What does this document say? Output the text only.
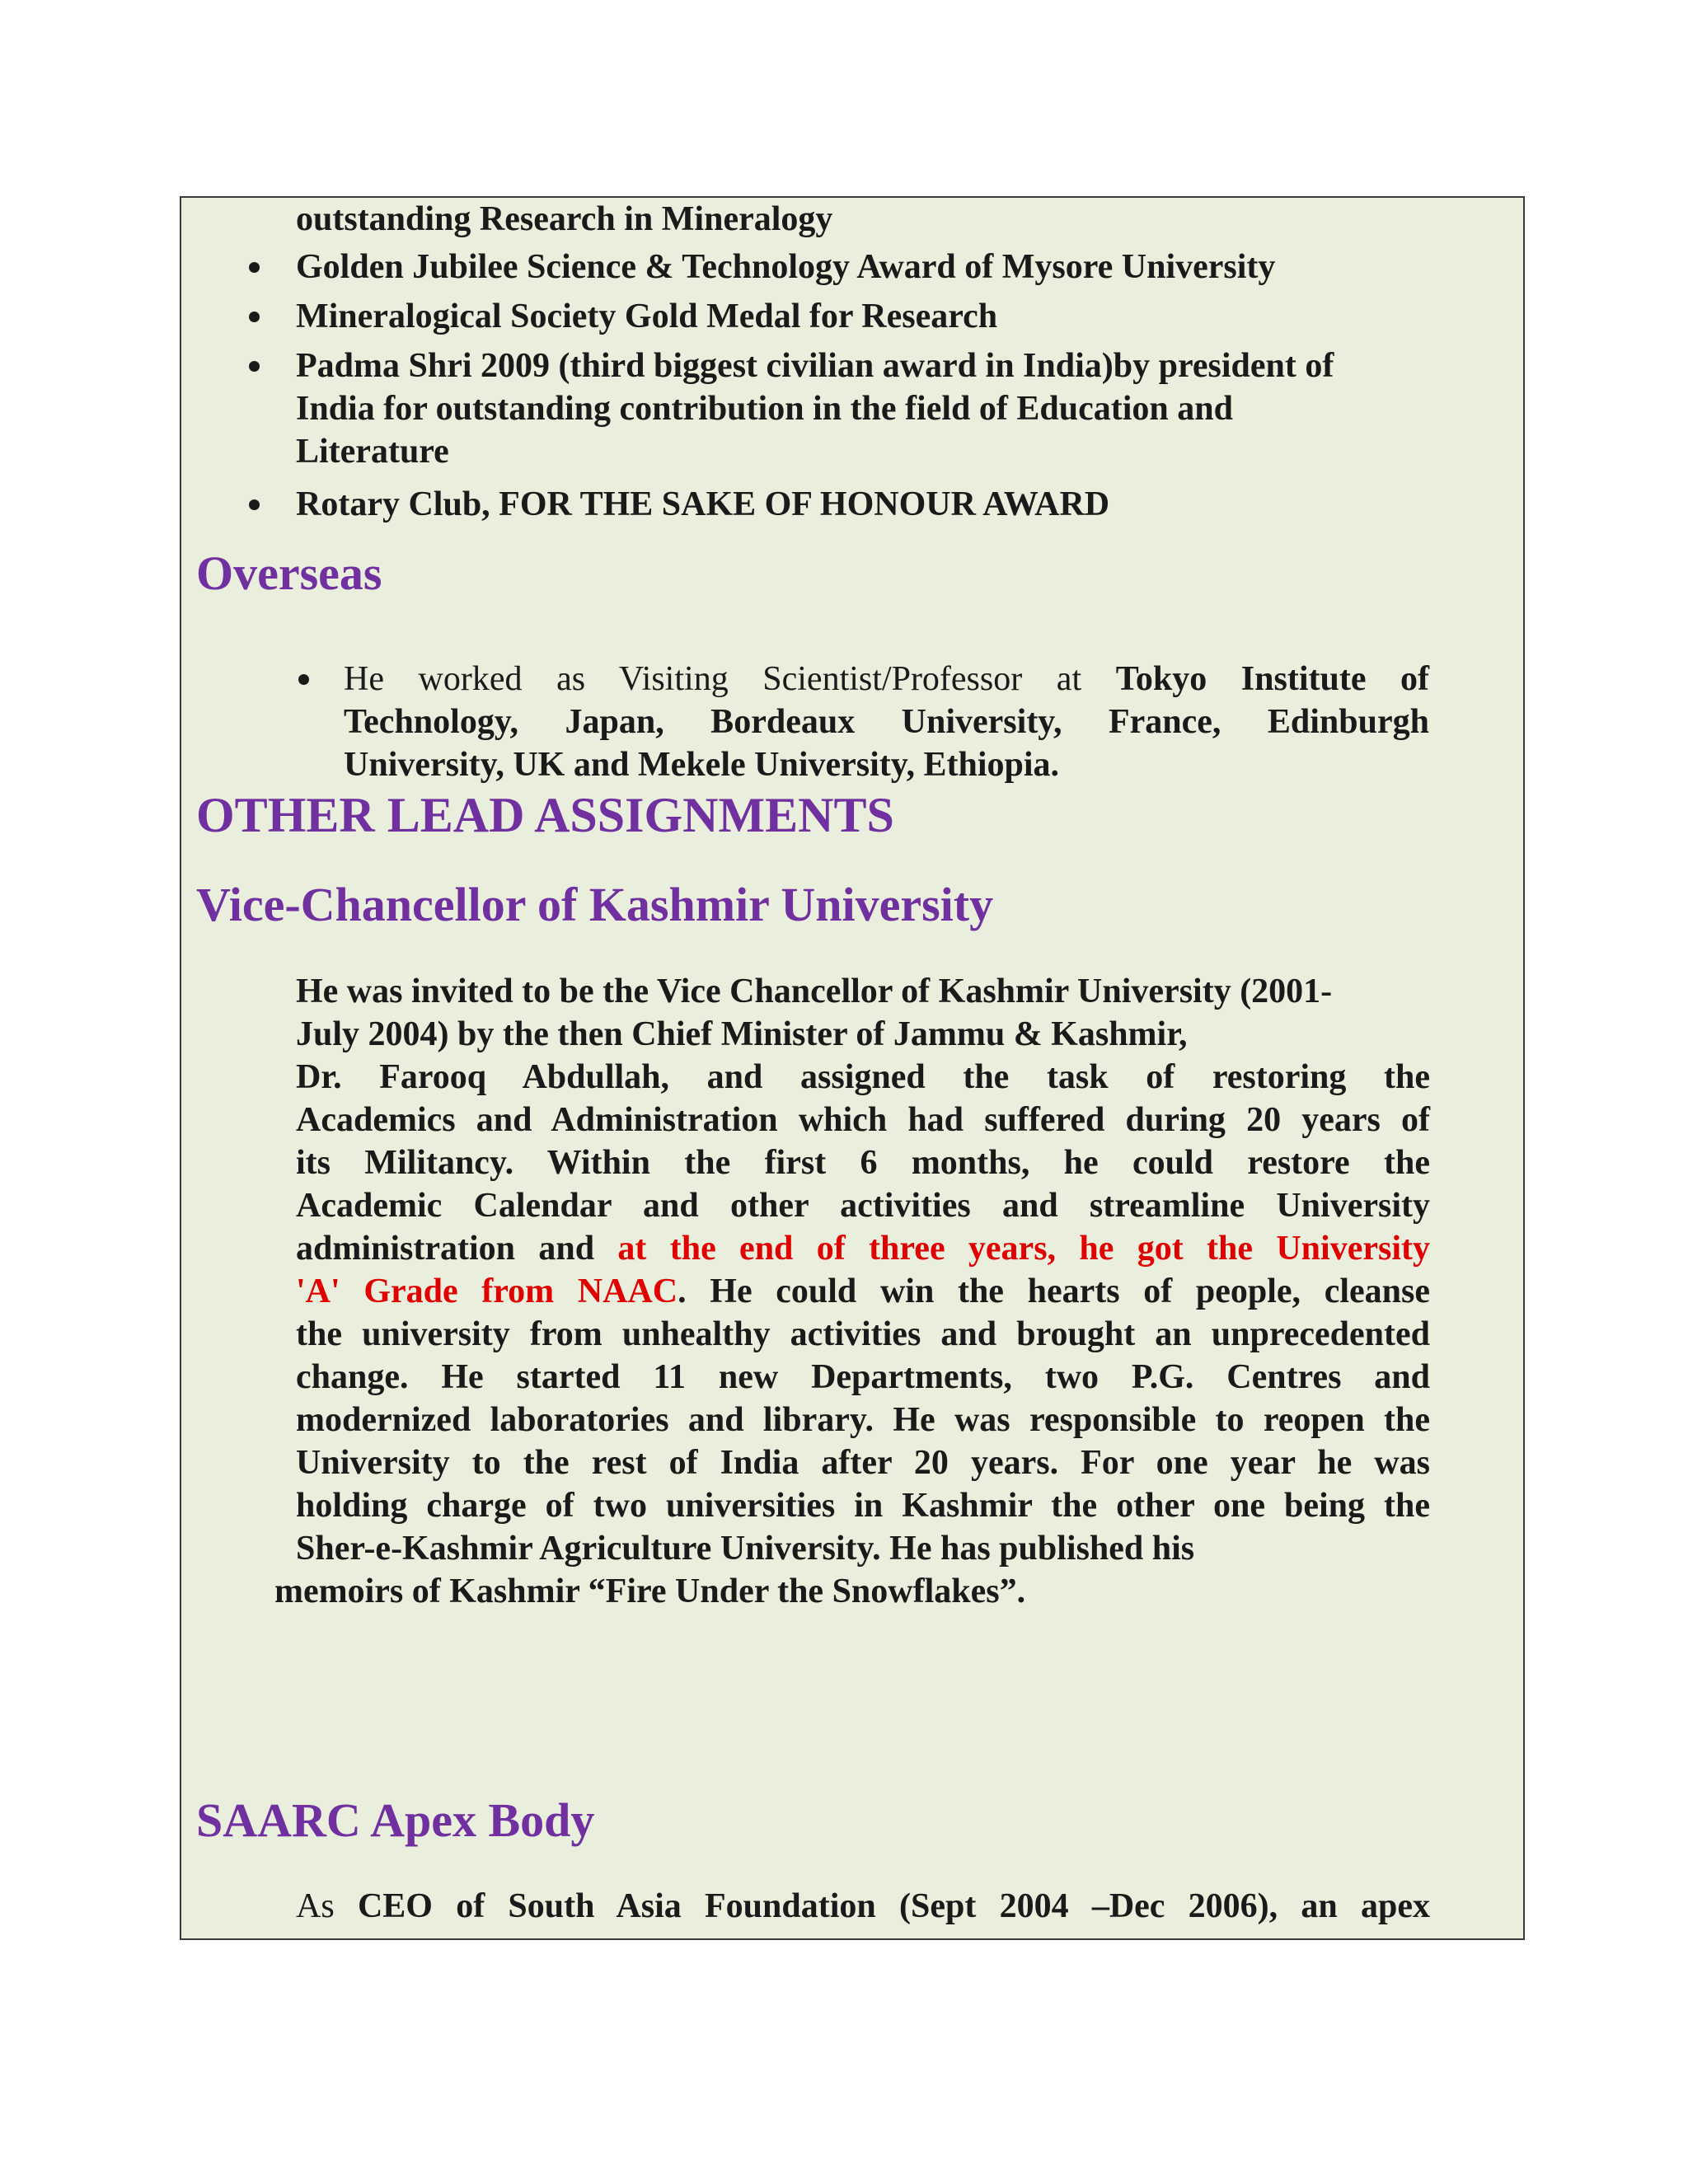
outstanding Research in Mineralogy
Golden Jubilee Science & Technology Award of Mysore University
Mineralogical Society Gold Medal for Research
Padma Shri 2009 (third biggest civilian award in India)by president of
India for outstanding contribution in the field of Education and
Literature
Rotary Club, FOR THE SAKE OF HONOUR AWARD
Overseas
He worked as Visiting Scientist/Professor at Tokyo Institute of
Technology, Japan, Bordeaux University, France, Edinburgh
University, UK and Mekele University, Ethiopia.
OTHER LEAD ASSIGNMENTS
Vice-Chancellor of Kashmir University
He was invited to be the Vice Chancellor of Kashmir University (2001-
July 2004) by the then Chief Minister of Jammu & Kashmir,
Dr. Farooq Abdullah, and assigned the task of restoring the
Academics and Administration which had suffered during 20 years of
its Militancy. Within the first 6 months, he could restore the
Academic Calendar and other activities and streamline University
administration and at the end of three years, he got the University
'A' Grade from NAAC. He could win the hearts of people, cleanse
the university from unhealthy activities and brought an unprecedented
change. He started 11 new Departments, two P.G. Centres and
modernized laboratories and library. He was responsible to reopen the
University to the rest of India after 20 years. For one year he was
holding charge of two universities in Kashmir the other one being the
Sher-e-Kashmir Agriculture University. He has published his
memoirs of Kashmir “Fire Under the Snowflakes”.
SAARC Apex Body
As CEO of South Asia Foundation (Sept 2004 –Dec 2006), an apex
